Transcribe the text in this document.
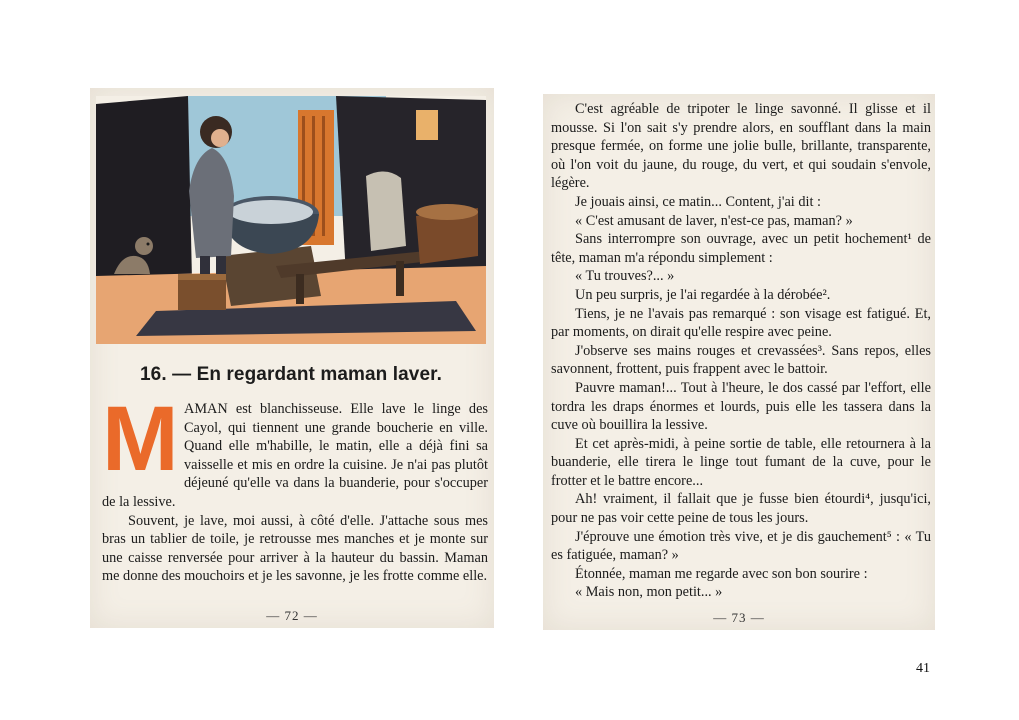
16. — En regardant maman laver.

MAMAN est blanchisseuse. Elle lave le linge des Cayol, qui tiennent une grande boucherie en ville. Quand elle m'habille, le matin, elle a déjà fini sa vaisselle et mis en ordre la cuisine. Je n'ai pas plutôt déjeuné qu'elle va dans la buanderie, pour s'occuper de la lessive.

Souvent, je lave, moi aussi, à côté d'elle. J'attache sous mes bras un tablier de toile, je retrousse mes manches et je monte sur une caisse renversée pour arriver à la hauteur du bassin. Maman me donne des mouchoirs et je les savonne, je les frotte comme elle.

— 72 —

C'est agréable de tripoter le linge savonné. Il glisse et il mousse. Si l'on sait s'y prendre alors, en soufflant dans la main presque fermée, on forme une jolie bulle, brillante, transparente, où l'on voit du jaune, du rouge, du vert, et qui soudain s'envole, légère.

Je jouais ainsi, ce matin... Content, j'ai dit :

« C'est amusant de laver, n'est-ce pas, maman? »

Sans interrompre son ouvrage, avec un petit hochement¹ de tête, maman m'a répondu simplement :

« Tu trouves?... »

Un peu surpris, je l'ai regardée à la dérobée².

Tiens, je ne l'avais pas remarqué : son visage est fatigué. Et, par moments, on dirait qu'elle respire avec peine.

J'observe ses mains rouges et crevassées³. Sans repos, elles savonnent, frottent, puis frappent avec le battoir.

Pauvre maman!... Tout à l'heure, le dos cassé par l'effort, elle tordra les draps énormes et lourds, puis elle les tassera dans la cuve où bouillira la lessive.

Et cet après-midi, à peine sortie de table, elle retournera à la buanderie, elle tirera le linge tout fumant de la cuve, pour le frotter et le battre encore...

Ah! vraiment, il fallait que je fusse bien étourdi⁴, jusqu'ici, pour ne pas voir cette peine de tous les jours.

J'éprouve une émotion très vive, et je dis gauchement⁵ : « Tu es fatiguée, maman? »

Étonnée, maman me regarde avec son bon sourire :

« Mais non, mon petit... »

— 73 —
41
